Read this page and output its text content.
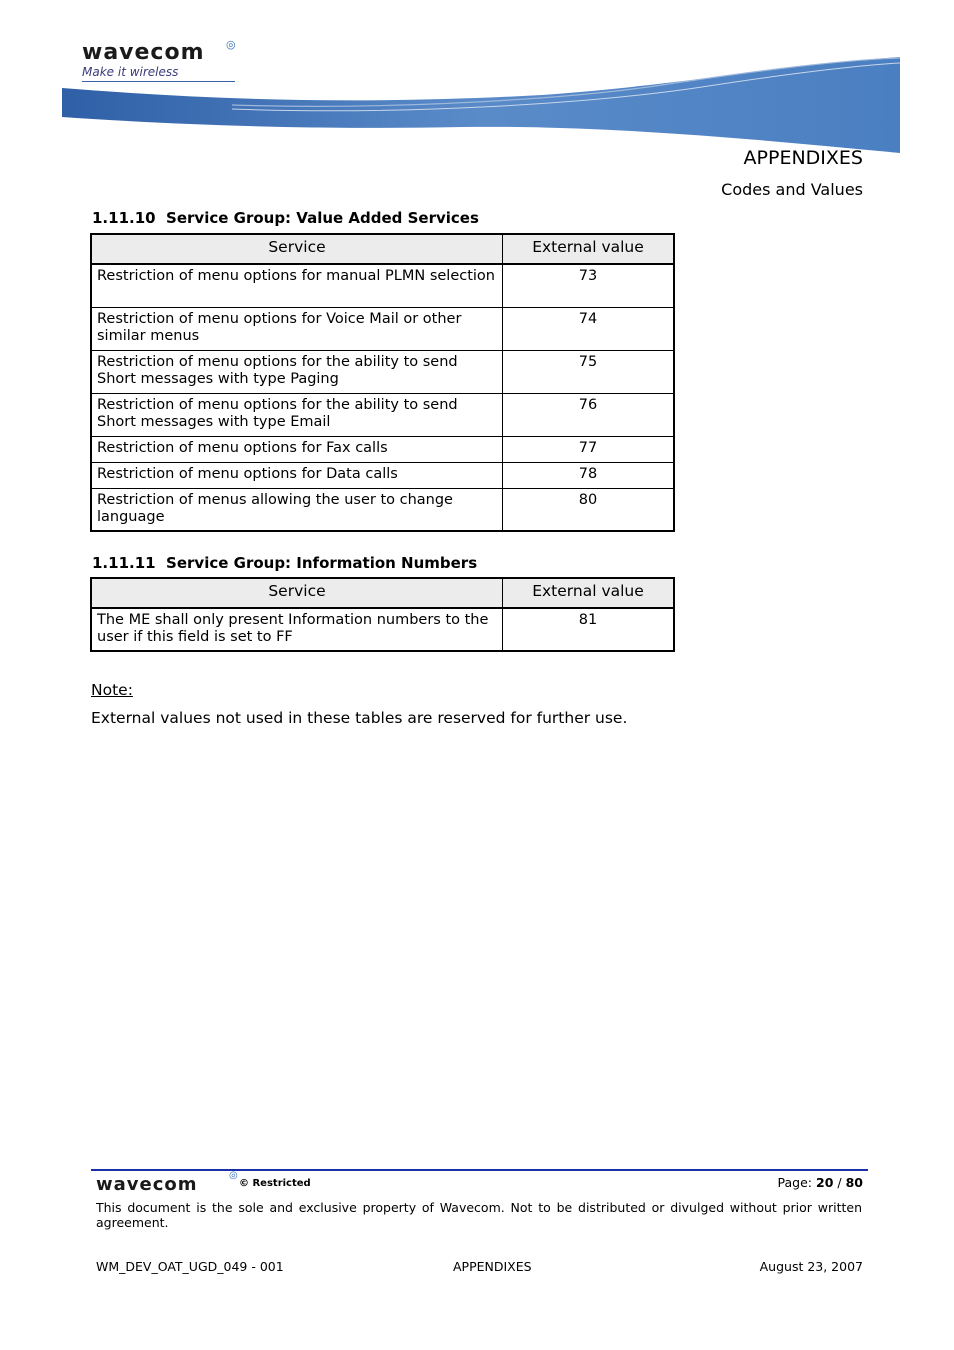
wavecom	◎
Make it wireless
APPENDIXES
Codes and Values
1.11.10 Service Group: Value Added Services
Service	External value
Restriction of menu options for manual PLMN selection	73
Restriction of menu options for Voice Mail or other similar menus	74
Restriction of menu options for the ability to send Short messages with type Paging	75
Restriction of menu options for the ability to send Short messages with type Email	76
Restriction of menu options for Fax calls	77
Restriction of menu options for Data calls	78
Restriction of menus allowing the user to change language	80
1.11.11 Service Group: Information Numbers
Service	External value
The ME shall only present Information numbers to the user if this field is set to FF	81
Note:
External values not used in these tables are reserved for further use.
wavecom	◎
© Restricted	Page: 20 / 80
This document is the sole and exclusive property of Wavecom. Not to be distributed or divulged without prior written agreement.
WM_DEV_OAT_UGD_049 - 001	APPENDIXES	August 23, 2007
